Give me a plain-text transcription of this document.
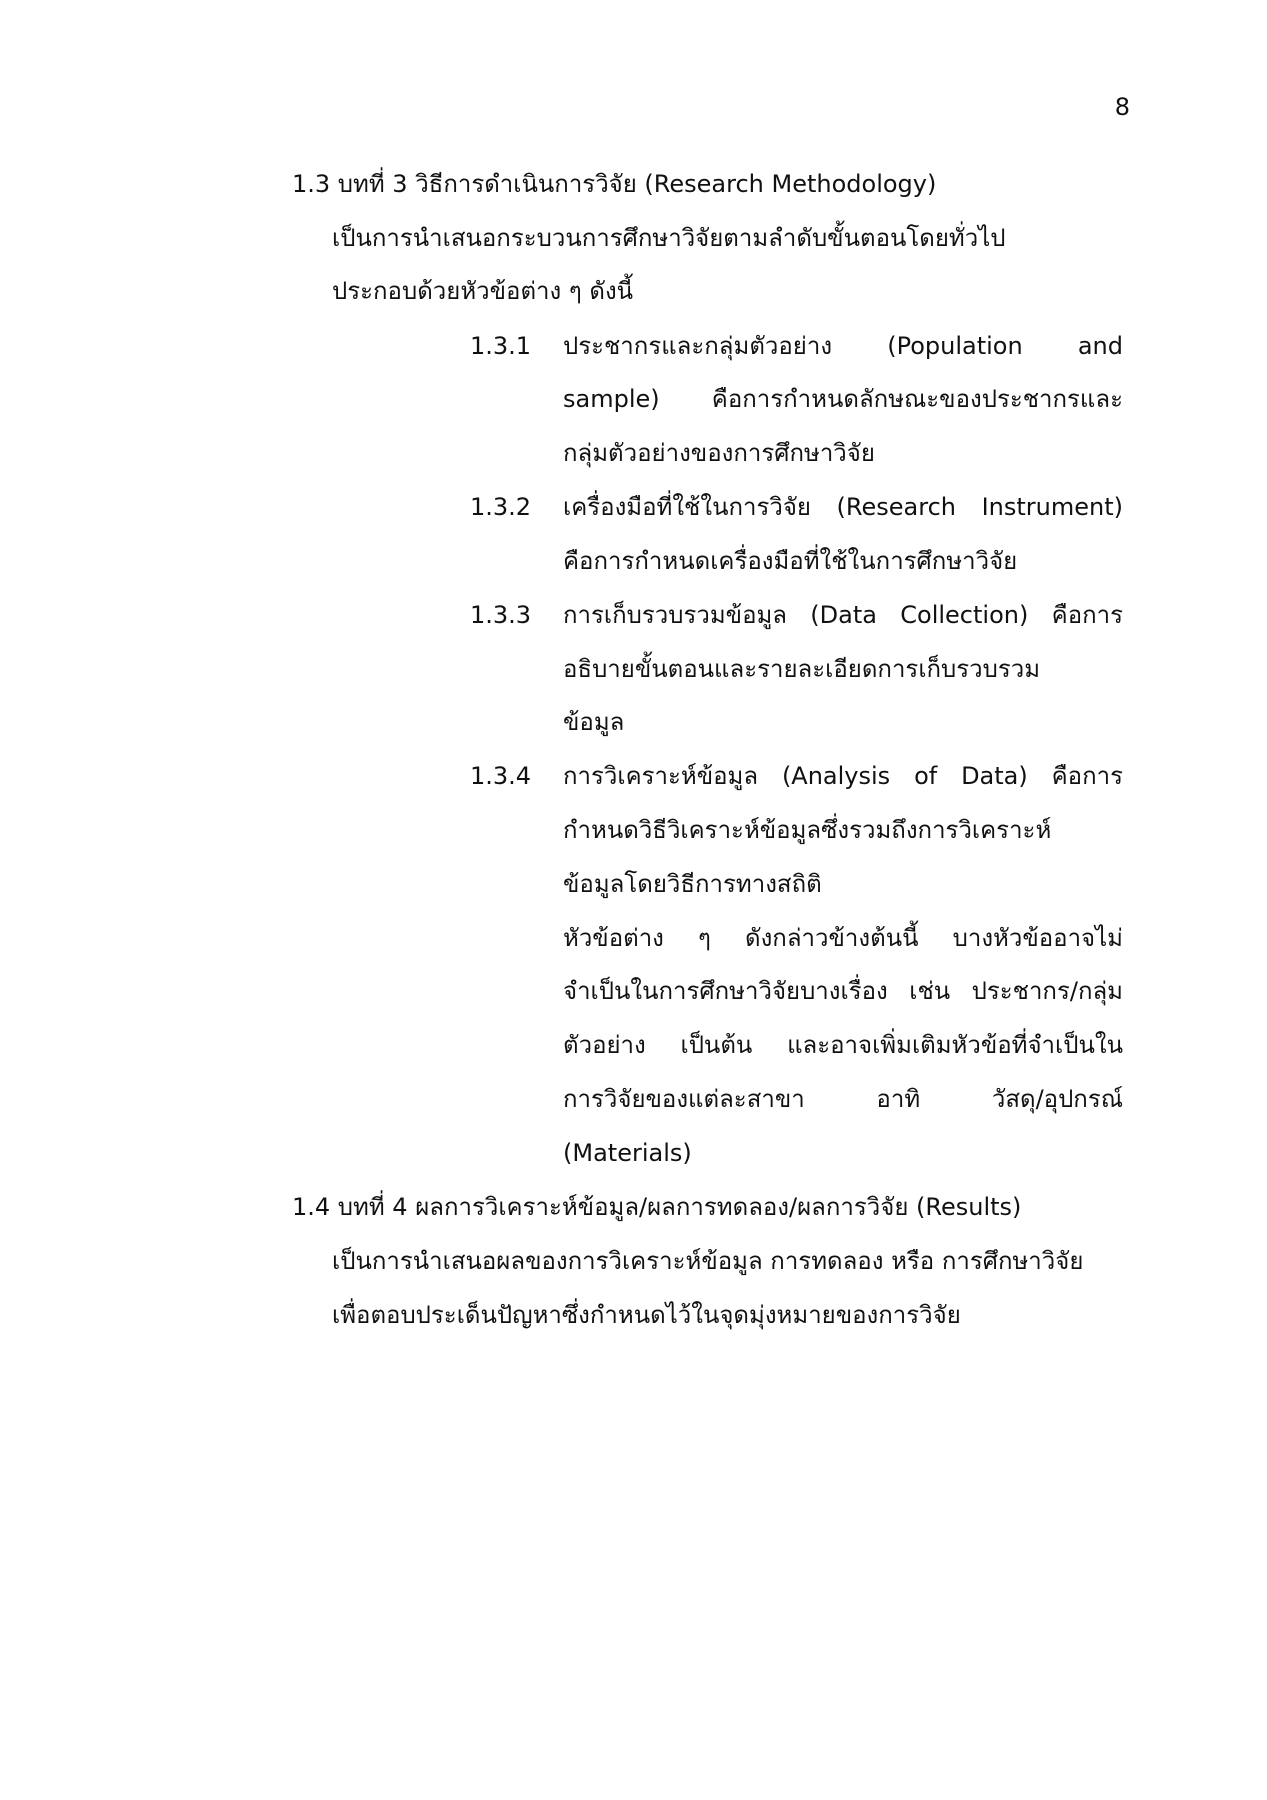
8
1.3 บทที่ 3 วิธีการดำเนินการวิจัย (Research Methodology)
เป็นการนำเสนอกระบวนการศึกษาวิจัยตามลำดับขั้นตอนโดยทั่วไป
ประกอบด้วยหัวข้อต่าง ๆ ดังนี้
1.3.1 ประชากรและกลุ่มตัวอย่าง (Population and
sample) คือการกำหนดลักษณะของประชากรและ
กลุ่มตัวอย่างของการศึกษาวิจัย
1.3.2 เครื่องมือที่ใช้ในการวิจัย (Research Instrument)
คือการกำหนดเครื่องมือที่ใช้ในการศึกษาวิจัย
1.3.3 การเก็บรวบรวมข้อมูล (Data Collection) คือการ
อธิบายขั้นตอนและรายละเอียดการเก็บรวบรวม
ข้อมูล
1.3.4 การวิเคราะห์ข้อมูล (Analysis of Data) คือการ
กำหนดวิธีวิเคราะห์ข้อมูลซึ่งรวมถึงการวิเคราะห์
ข้อมูลโดยวิธีการทางสถิติ
หัวข้อต่าง ๆ ดังกล่าวข้างต้นนี้ บางหัวข้ออาจไม่
จำเป็นในการศึกษาวิจัยบางเรื่อง เช่น ประชากร/กลุ่ม
ตัวอย่าง เป็นต้น และอาจเพิ่มเติมหัวข้อที่จำเป็นใน
การวิจัยของแต่ละสาขา อาทิ วัสดุ/อุปกรณ์
(Materials)
1.4 บทที่ 4 ผลการวิเคราะห์ข้อมูล/ผลการทดลอง/ผลการวิจัย (Results)
เป็นการนำเสนอผลของการวิเคราะห์ข้อมูล การทดลอง หรือ การศึกษาวิจัย
เพื่อตอบประเด็นปัญหาซึ่งกำหนดไว้ในจุดมุ่งหมายของการวิจัย
